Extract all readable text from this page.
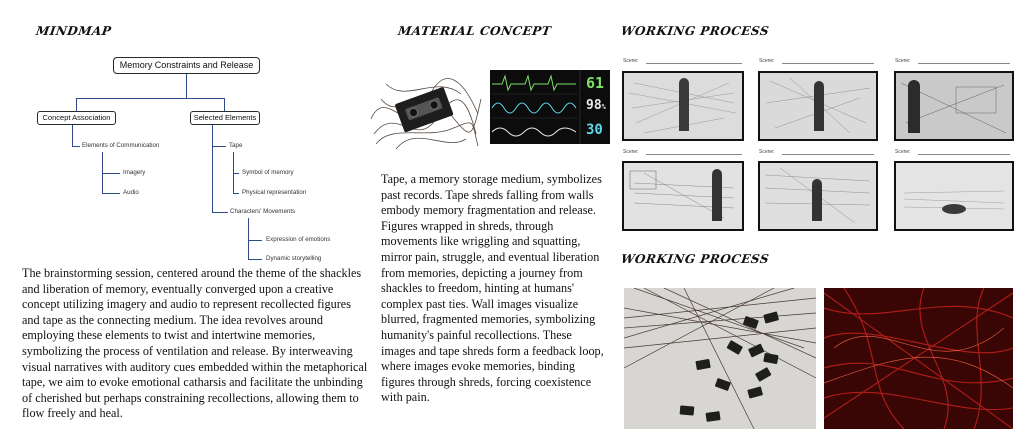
MINDMAP	MATERIAL CONCEPT	WORKING PROCESS
WORKING PROCESS
Memory Constraints and Release
Concept Association	Selected Elements
Elements of Communication
Imagery
Audio
Tape
Symbol of memory
Physical representation
Characters' Movements
Expression of emotions
Dynamic storytelling
The brainstorming session, centered around the theme of the shackles and liberation of memory, eventually converged upon a creative concept utilizing imagery and audio to represent recollected figures and tape as the connecting medium. The idea revolves around employing these elements to twist and intertwine memories, symbolizing the process of ventilation and release. By interweaving visual narratives with auditory cues embedded within the metaphorical tape, we aim to evoke emotional catharsis and facilitate the unbinding of cherished but perhaps constraining recollections, allowing them to flow freely and heal.
61
98%
30
Tape, a memory storage medium, symbolizes past records. Tape shreds falling from walls embody memory fragmentation and release. Figures wrapped in shreds, through movements like wriggling and squatting, mirror pain, struggle, and eventual liberation from memories, depicting a journey from shackles to freedom, hinting at humans' complex past ties. Wall images visualize blurred, fragmented memories, symbolizing humanity's painful recollections. These images and tape shreds form a feedback loop, where images evoke memories, binding figures through shreds, forcing coexistence with pain.
Scene:	Scene:	Scene:
Scene:	Scene:	Scene:
